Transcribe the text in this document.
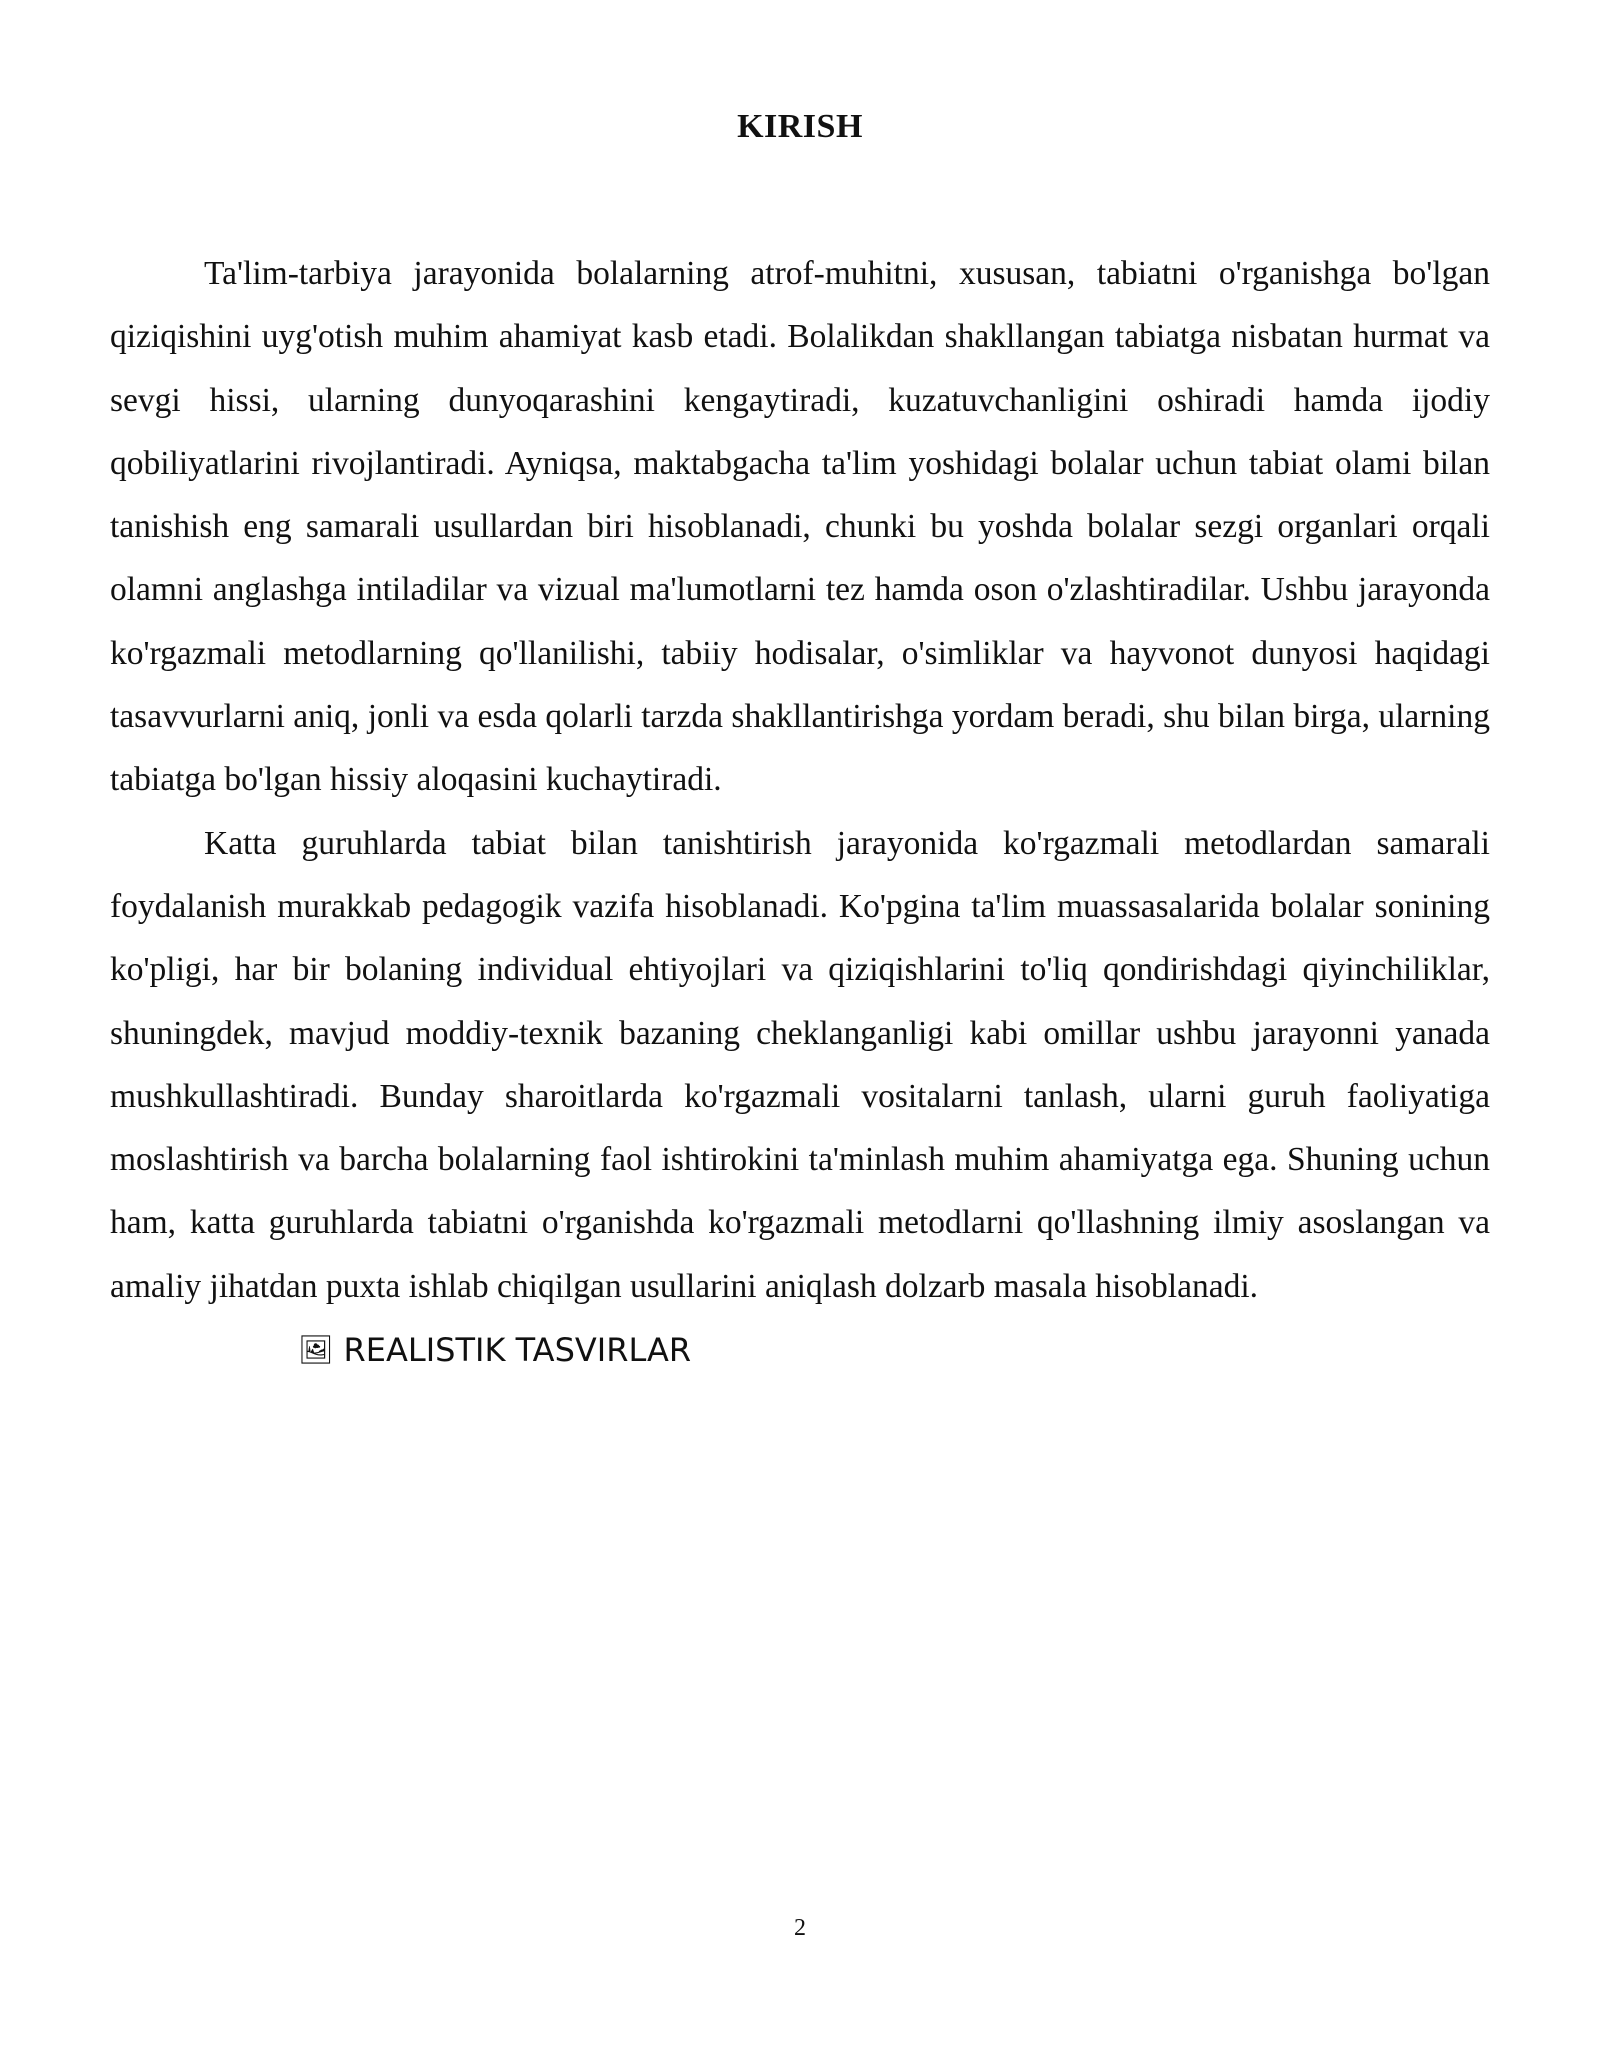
KIRISH

Ta'lim-tarbiya jarayonida bolalarning atrof-muhitni, xususan, tabiatni o'rganishga bo'lgan qiziqishini uyg'otish muhim ahamiyat kasb etadi. Bolalikdan shakllangan tabiatga nisbatan hurmat va sevgi hissi, ularning dunyoqarashini kengaytiradi, kuzatuvchanligini oshiradi hamda ijodiy qobiliyatlarini rivojlantiradi. Ayniqsa, maktabgacha ta'lim yoshidagi bolalar uchun tabiat olami bilan tanishish eng samarali usullardan biri hisoblanadi, chunki bu yoshda bolalar sezgi organlari orqali olamni anglashga intiladilar va vizual ma'lumotlarni tez hamda oson o'zlashtiradilar. Ushbu jarayonda ko'rgazmali metodlarning qo'llanilishi, tabiiy hodisalar, o'simliklar va hayvonot dunyosi haqidagi tasavvurlarni aniq, jonli va esda qolarli tarzda shakllantirishga yordam beradi, shu bilan birga, ularning tabiatga bo'lgan hissiy aloqasini kuchaytiradi.

Katta guruhlarda tabiat bilan tanishtirish jarayonida ko'rgazmali metodlardan samarali foydalanish murakkab pedagogik vazifa hisoblanadi. Ko'pgina ta'lim muassasalarida bolalar sonining ko'pligi, har bir bolaning individual ehtiyojlari va qiziqishlarini to'liq qondirishdagi qiyinchiliklar, shuningdek, mavjud moddiy-texnik bazaning cheklanganligi kabi omillar ushbu jarayonni yanada mushkullashtiradi. Bunday sharoitlarda ko'rgazmali vositalarni tanlash, ularni guruh faoliyatiga moslashtirish va barcha bolalarning faol ishtirokini ta'minlash muhim ahamiyatga ega. Shuning uchun ham, katta guruhlarda tabiatni o'rganishda ko'rgazmali metodlarni qo'llashning ilmiy asoslangan va amaliy jihatdan puxta ishlab chiqilgan usullarini aniqlash dolzarb masala hisoblanadi.

🖼 REALISTIK TASVIRLAR

2
